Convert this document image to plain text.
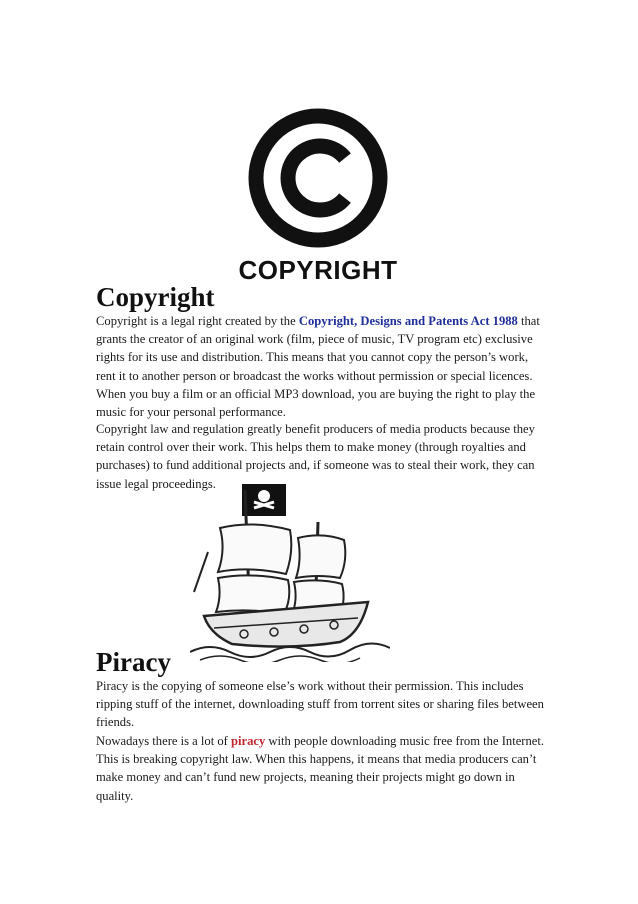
COPYRIGHT
Copyright

Copyright is a legal right created by the Copyright, Designs and Patents Act 1988 that grants the creator of an original work (film, piece of music, TV program etc) exclusive rights for its use and distribution. This means that you cannot copy the person’s work, rent it to another person or broadcast the works without permission or special licences. When you buy a film or an official MP3 download, you are buying the right to play the music for your personal performance.

Copyright law and regulation greatly benefit producers of media products because they retain control over their work. This helps them to make money (through royalties and purchases) to fund additional projects and, if someone was to steal their work, they can issue legal proceedings.

Piracy

Piracy is the copying of someone else’s work without their permission. This includes ripping stuff of the internet, downloading stuff from torrent sites or sharing files between friends.

Nowadays there is a lot of piracy with people downloading music free from the Internet. This is breaking copyright law. When this happens, it means that media producers can’t make money and can’t fund new projects, meaning their projects might go down in quality.
